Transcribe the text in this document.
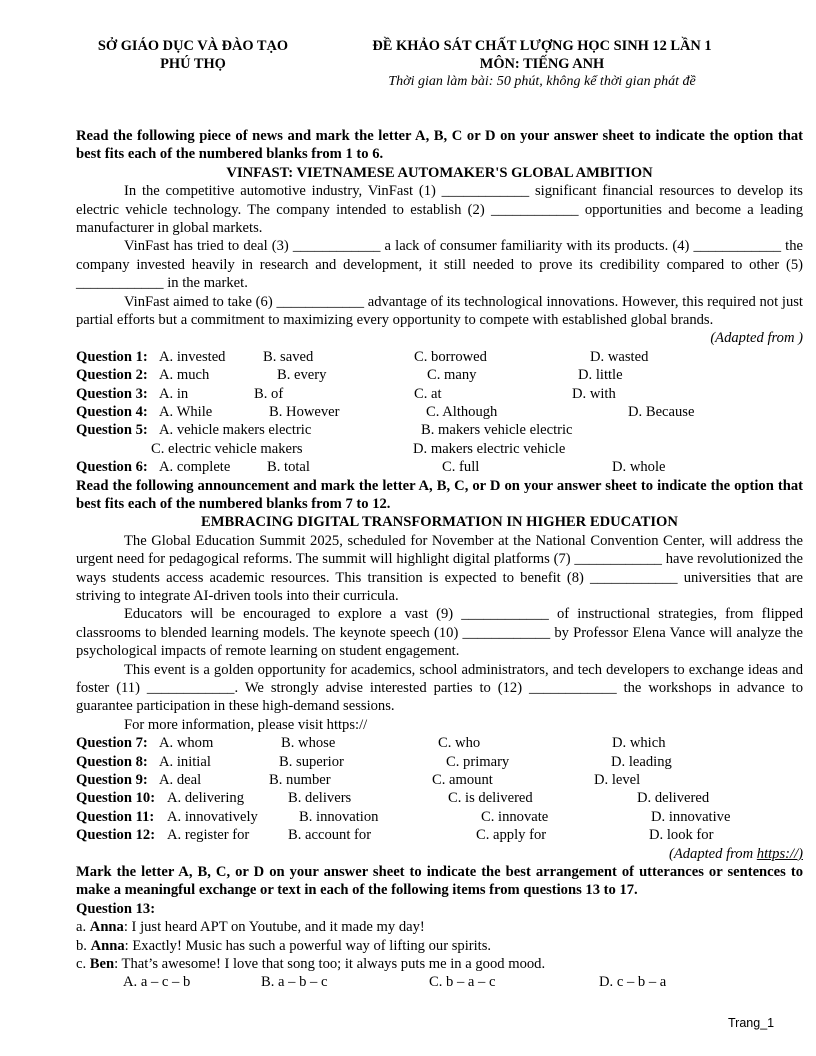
SỞ GIÁO DỤC VÀ ĐÀO TẠO
PHÚ THỌ
ĐỀ KHẢO SÁT CHẤT LƯỢNG HỌC SINH 12 LẦN 1
MÔN: TIẾNG ANH
Thời gian làm bài: 50 phút, không kể thời gian phát đề
Read the following piece of news and mark the letter A, B, C or D on your answer sheet to indicate the option that best fits each of the numbered blanks from 1 to 6.
VINFAST: VIETNAMESE AUTOMAKER'S GLOBAL AMBITION
In the competitive automotive industry, VinFast (1) ____________ significant financial resources to develop its electric vehicle technology. The company intended to establish (2) ____________ opportunities and become a leading manufacturer in global markets.
VinFast has tried to deal (3) ____________ a lack of consumer familiarity with its products. (4) ____________ the company invested heavily in research and development, it still needed to prove its credibility compared to other (5) ____________ in the market.
VinFast aimed to take (6) ____________ advantage of its technological innovations. However, this required not just partial efforts but a commitment to maximizing every opportunity to compete with established global brands.
(Adapted from )
Question 1: A. invested	B. saved	C. borrowed	D. wasted
Question 2: A. much	B. every	C. many	D. little
Question 3: A. in	B. of	C. at	D. with
Question 4: A. While	B. However	C. Although	D. Because
Question 5: A. vehicle makers electric	B. makers vehicle electric
C. electric vehicle makers	D. makers electric vehicle
Question 6: A. complete	B. total	C. full	D. whole
Read the following announcement and mark the letter A, B, C, or D on your answer sheet to indicate the option that best fits each of the numbered blanks from 7 to 12.
EMBRACING DIGITAL TRANSFORMATION IN HIGHER EDUCATION
The Global Education Summit 2025, scheduled for November at the National Convention Center, will address the urgent need for pedagogical reforms. The summit will highlight digital platforms (7) ____________ have revolutionized the ways students access academic resources. This transition is expected to benefit (8) ____________ universities that are striving to integrate AI-driven tools into their curricula.
Educators will be encouraged to explore a vast (9) ____________ of instructional strategies, from flipped classrooms to blended learning models. The keynote speech (10) ____________ by Professor Elena Vance will analyze the psychological impacts of remote learning on student engagement.
This event is a golden opportunity for academics, school administrators, and tech developers to exchange ideas and foster (11) ____________. We strongly advise interested parties to (12) ____________ the workshops in advance to guarantee participation in these high-demand sessions.
For more information, please visit https://
Question 7: A. whom	B. whose	C. who	D. which
Question 8: A. initial	B. superior	C. primary	D. leading
Question 9: A. deal	B. number	C. amount	D. level
Question 10: A. delivering	B. delivers	C. is delivered	D. delivered
Question 11: A. innovatively	B. innovation	C. innovate	D. innovative
Question 12: A. register for	B. account for	C. apply for	D. look for
(Adapted from https://)
Mark the letter A, B, C, or D on your answer sheet to indicate the best arrangement of utterances or sentences to make a meaningful exchange or text in each of the following items from questions 13 to 17.
Question 13:
a. Anna: I just heard APT on Youtube, and it made my day!
b. Anna: Exactly! Music has such a powerful way of lifting our spirits.
c. Ben: That’s awesome! I love that song too; it always puts me in a good mood.
A. a – c – b	B. a – b – c	C. b – a – c	D. c – b – a
Trang_1
